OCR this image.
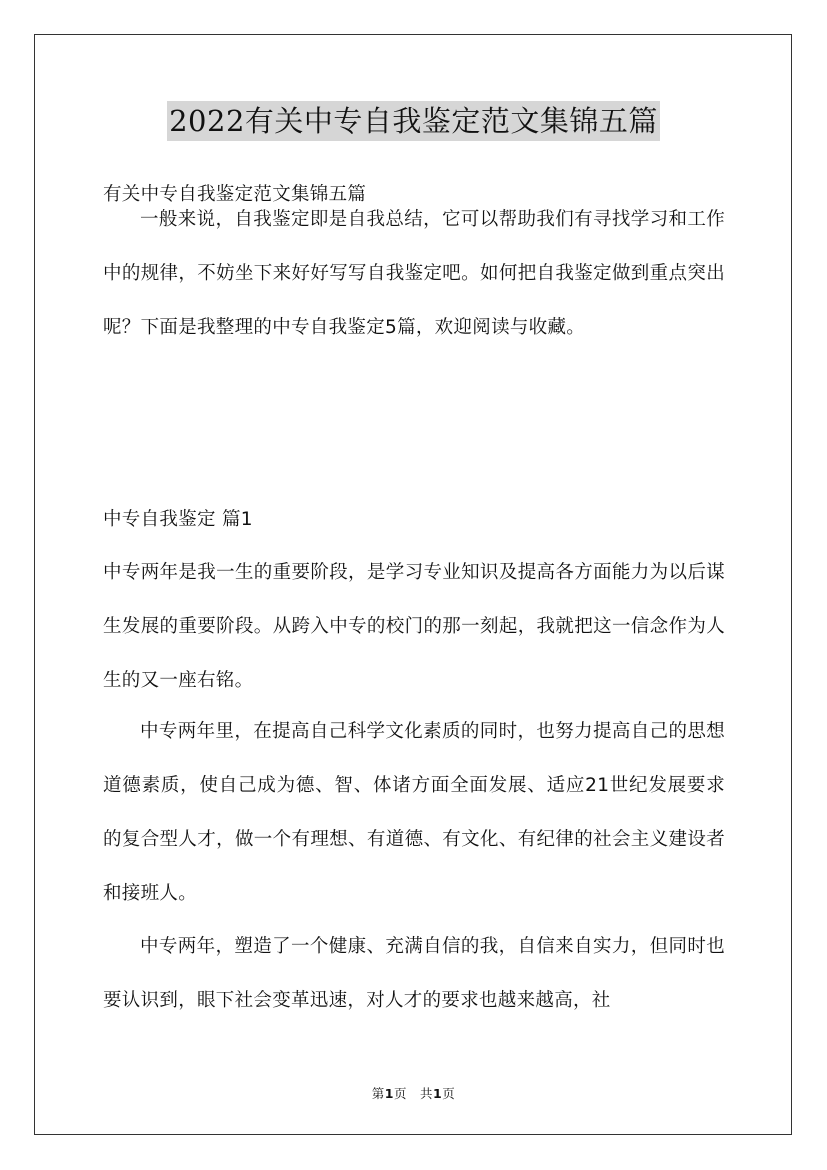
2022有关中专自我鉴定范文集锦五篇

有关中专自我鉴定范文集锦五篇

一般来说，自我鉴定即是自我总结，它可以帮助我们有寻找学习和工作中的规律，不妨坐下来好好写写自我鉴定吧。如何把自我鉴定做到重点突出呢？下面是我整理的中专自我鉴定5篇，欢迎阅读与收藏。

中专自我鉴定 篇1

中专两年是我一生的重要阶段，是学习专业知识及提高各方面能力为以后谋生发展的重要阶段。从跨入中专的校门的那一刻起，我就把这一信念作为人生的又一座右铭。

中专两年里，在提高自己科学文化素质的同时，也努力提高自己的思想道德素质，使自己成为德、智、体诸方面全面发展、适应21世纪发展要求的复合型人才，做一个有理想、有道德、有文化、有纪律的社会主义建设者和接班人。

中专两年，塑造了一个健康、充满自信的我，自信来自实力，但同时也要认识到，眼下社会变革迅速，对人才的要求也越来越高，社

第1页　共1页
